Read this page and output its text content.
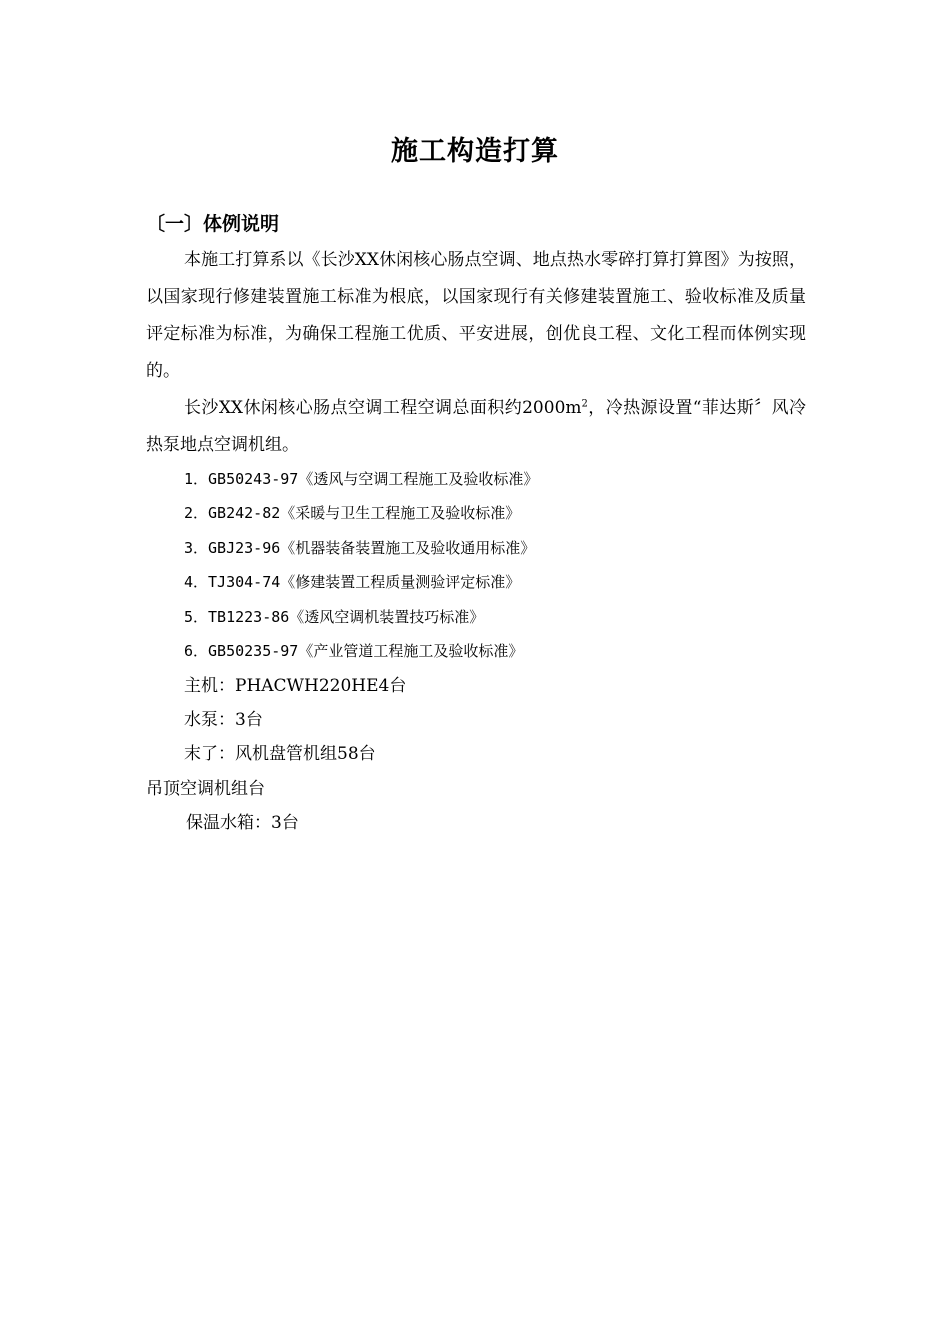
施工构造打算
〔一〕体例说明
本施工打算系以《长沙XX休闲核心肠点空调、地点热水零碎打算打算图》为按照，以国家现行修建装置施工标准为根底，以国家现行有关修建装置施工、验收标准及质量评定标准为标准，为确保工程施工优质、平安进展，创优良工程、文化工程而体例实现的。
长沙XX休闲核心肠点空调工程空调总面积约$2000m^2$，冷热源设置“菲达斯〞风冷热泵地点空调机组。
1．GB50243-97《透风与空调工程施工及验收标准》
2．GB242-82《采暖与卫生工程施工及验收标准》
3．GBJ23-96《机器装备装置施工及验收通用标准》
4．TJ304-74《修建装置工程质量测验评定标准》
5．TB1223-86《透风空调机装置技巧标准》
6．GB50235-97《产业管道工程施工及验收标准》
主机：PHACWH220HE4台
水泵：3台
末了：风机盘管机组58台
吊顶空调机组台
保温水箱：3台
